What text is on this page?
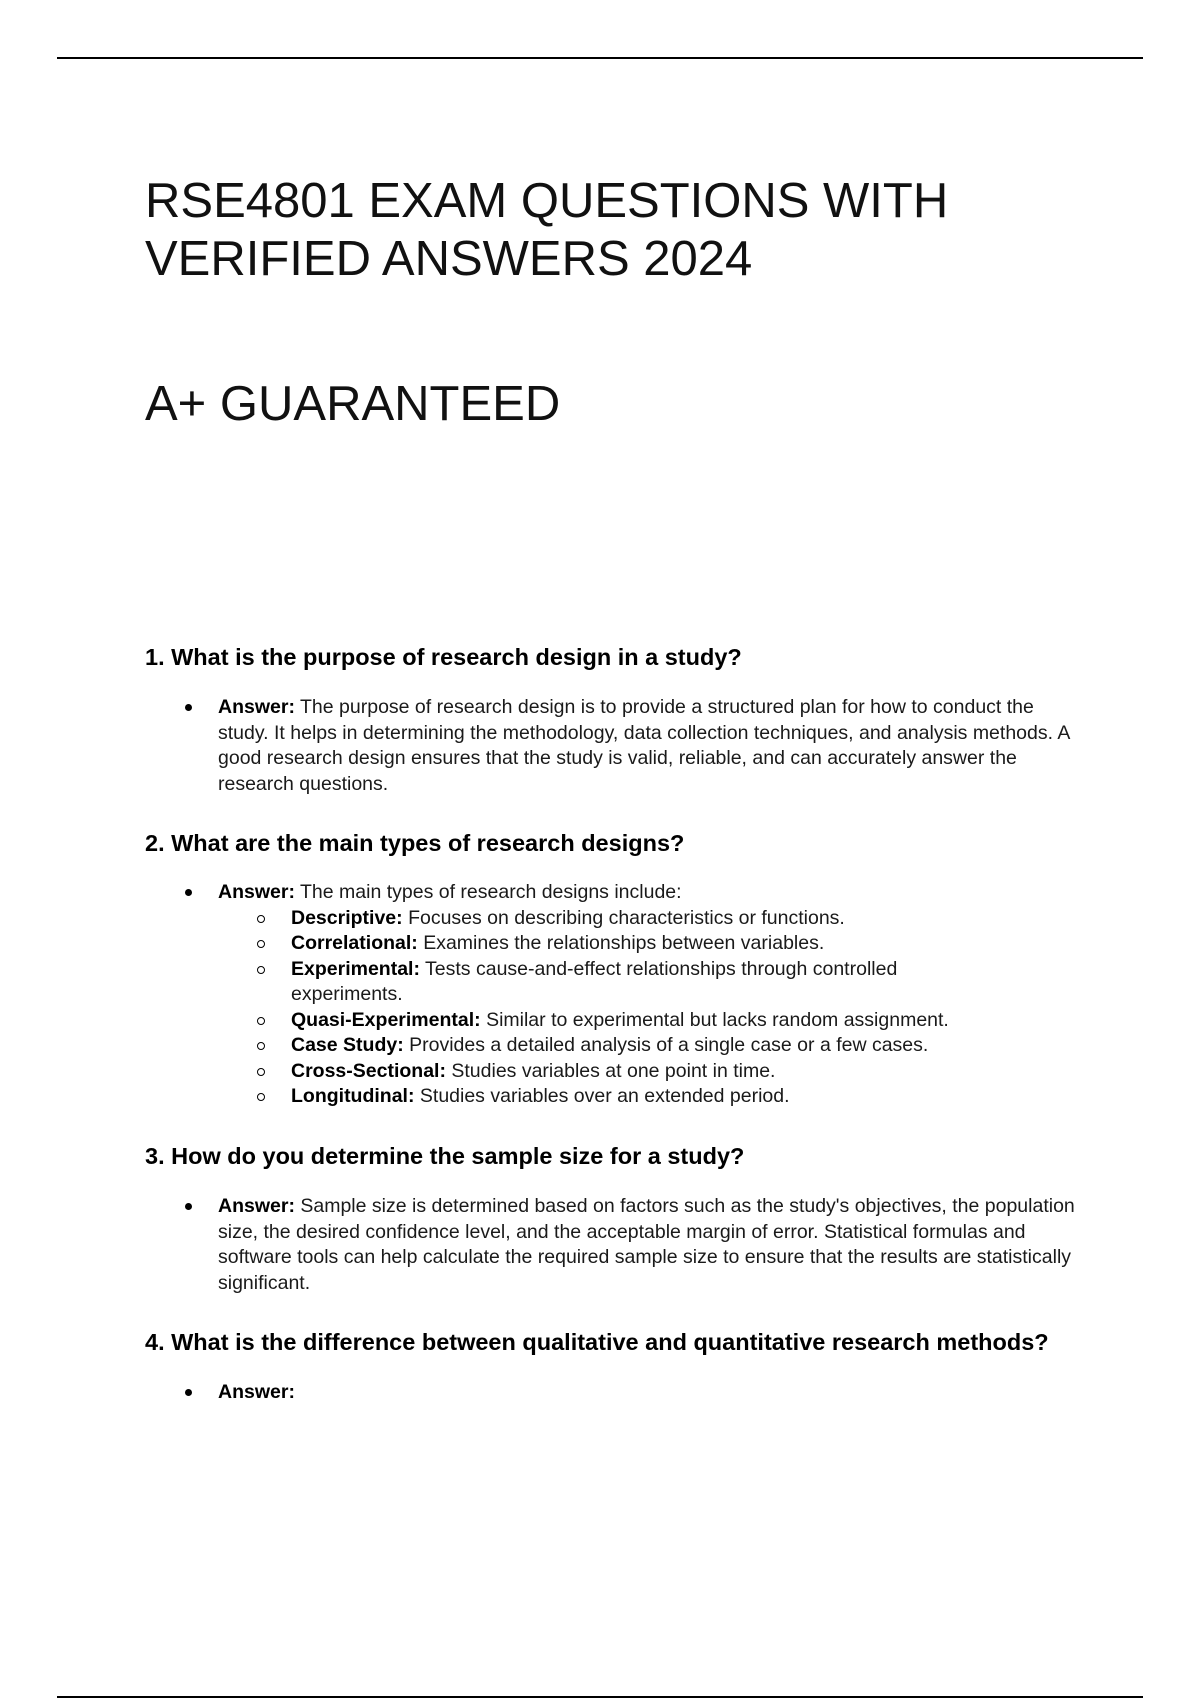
RSE4801 EXAM QUESTIONS WITH VERIFIED ANSWERS 2024
A+ GUARANTEED
1. What is the purpose of research design in a study?
Answer: The purpose of research design is to provide a structured plan for how to conduct the study. It helps in determining the methodology, data collection techniques, and analysis methods. A good research design ensures that the study is valid, reliable, and can accurately answer the research questions.
2. What are the main types of research designs?
Answer: The main types of research designs include:
Descriptive: Focuses on describing characteristics or functions.
Correlational: Examines the relationships between variables.
Experimental: Tests cause-and-effect relationships through controlled experiments.
Quasi-Experimental: Similar to experimental but lacks random assignment.
Case Study: Provides a detailed analysis of a single case or a few cases.
Cross-Sectional: Studies variables at one point in time.
Longitudinal: Studies variables over an extended period.
3. How do you determine the sample size for a study?
Answer: Sample size is determined based on factors such as the study's objectives, the population size, the desired confidence level, and the acceptable margin of error. Statistical formulas and software tools can help calculate the required sample size to ensure that the results are statistically significant.
4. What is the difference between qualitative and quantitative research methods?
Answer:
